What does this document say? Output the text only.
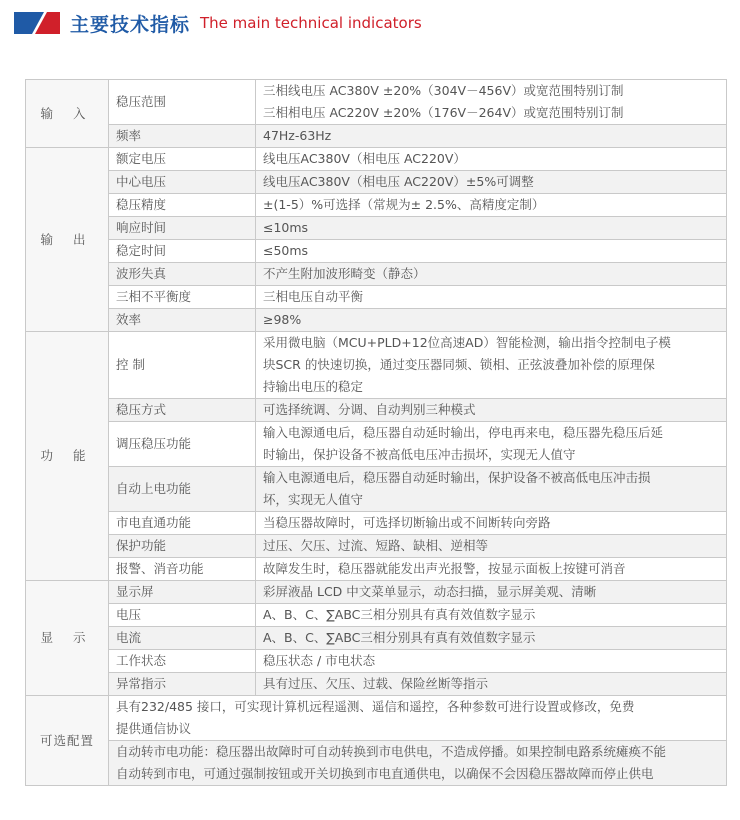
主要技术指标 The main technical indicators
输 入	稳压范围	三相线电压 AC380V ±20%（304V－456V）或宽范围特别订制
三相相电压 AC220V ±20%（176V－264V）或宽范围特别订制

	频率	47Hz-63Hz

输 出	额定电压	线电压AC380V（相电压 AC220V）

	中心电压	线电压AC380V（相电压 AC220V）±5%可调整

	稳压精度	±(1-5）%可选择（常规为± 2.5%、高精度定制）

	响应时间	≤10ms

	稳定时间	≤50ms

	波形失真	不产生附加波形畸变（静态）

	三相不平衡度	三相电压自动平衡

	效率	≥98%

功 能	控 制	采用微电脑（MCU+PLD+12位高速AD）智能检测，输出指令控制电子模
块SCR 的快速切换，通过变压器同频、锁相、正弦波叠加补偿的原理保
持输出电压的稳定

	稳压方式	可选择统调、分调、自动判别三种模式

	调压稳压功能	输入电源通电后，稳压器自动延时输出，停电再来电，稳压器先稳压后延
时输出，保护设备不被高低电压冲击损坏，实现无人值守

	自动上电功能	输入电源通电后，稳压器自动延时输出，保护设备不被高低电压冲击损
坏，实现无人值守

	市电直通功能	当稳压器故障时，可选择切断输出或不间断转向旁路

	保护功能	过压、欠压、过流、短路、缺相、逆相等

	报警、消音功能	故障发生时，稳压器就能发出声光报警，按显示面板上按键可消音

显 示	显示屏	彩屏液晶 LCD 中文菜单显示，动态扫描，显示屏美观、清晰

	电压	A、B、C、∑ABC三相分别具有真有效值数字显示

	电流	A、B、C、∑ABC三相分别具有真有效值数字显示

	工作状态	稳压状态 / 市电状态

	异常指示	具有过压、欠压、过载、保险丝断等指示

可选配置	具有232/485 接口，可实现计算机远程遥测、遥信和遥控，各种参数可进行设置或修改，免费
提供通信协议	

	自动转市电功能：稳压器出故障时可自动转换到市电供电，不造成停播。如果控制电路系统瘫痪不能
自动转到市电，可通过强制按钮或开关切换到市电直通供电，以确保不会因稳压器故障而停止供电	
